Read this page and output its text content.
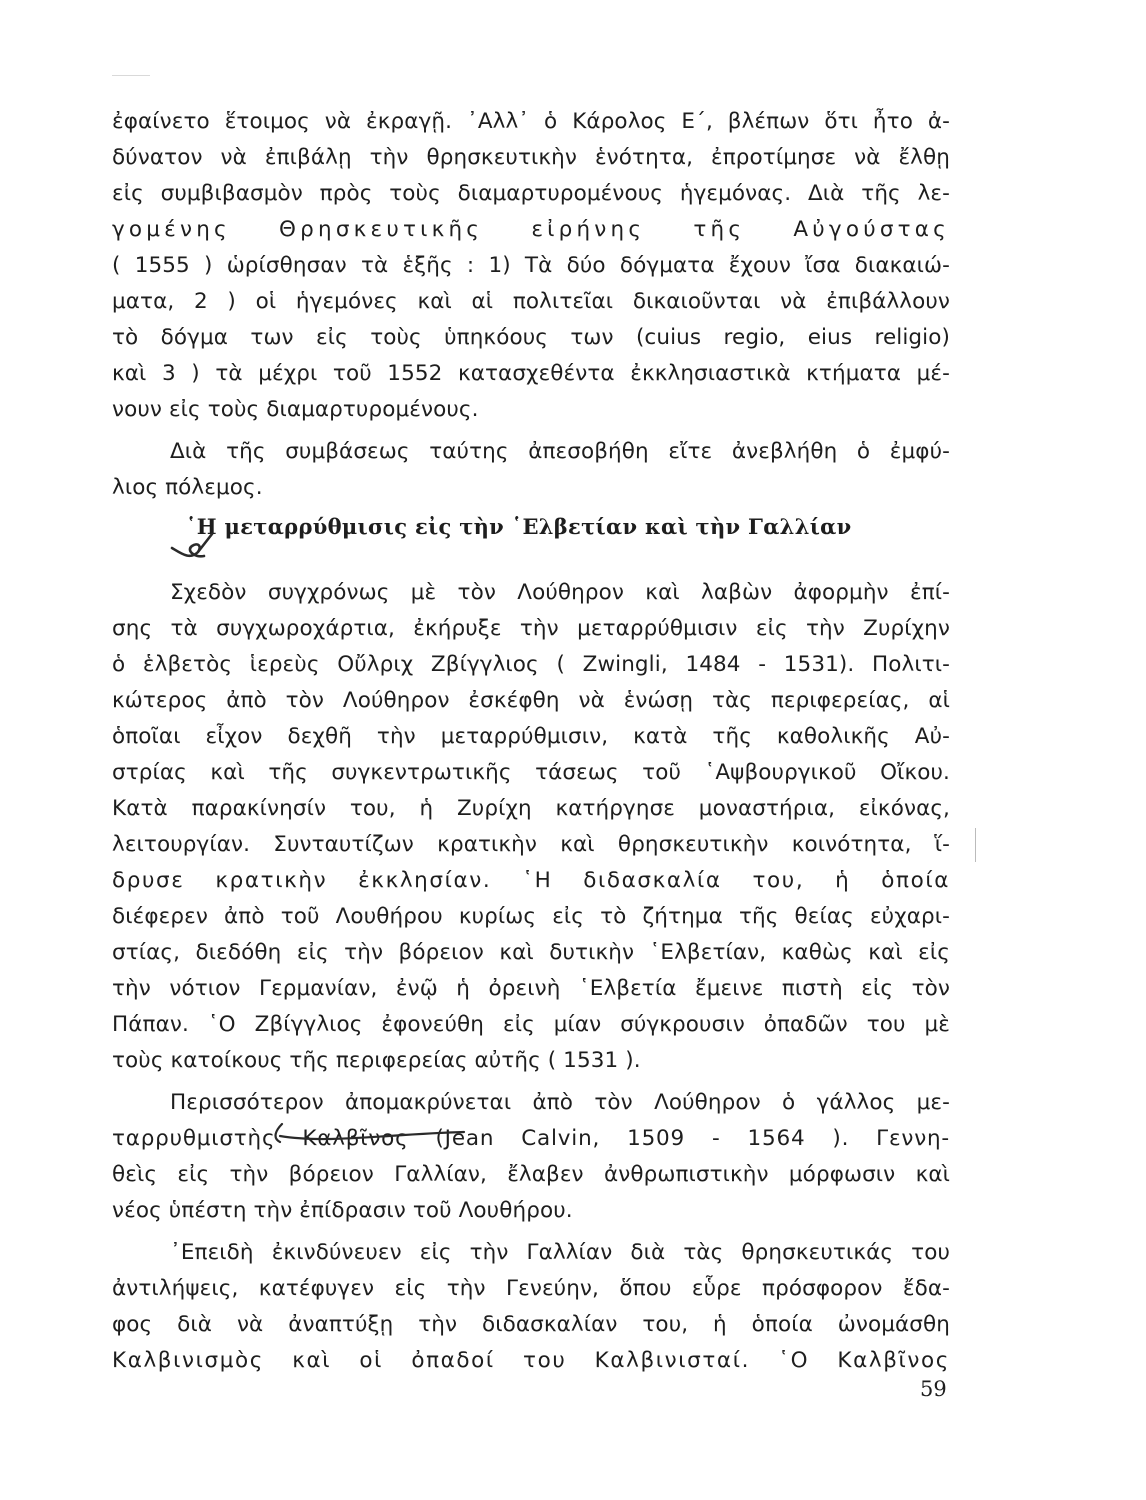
ἐφαίνετο ἕτοιμος νὰ ἐκραγῇ. ᾿Αλλ᾿ ὁ Κάρολος Ε΄, βλέπων ὅτι ἦτο ἀ-
δύνατον νὰ ἐπιβάλῃ τὴν θρησκευτικὴν ἑνότητα, ἐπροτίμησε νὰ ἔλθῃ
εἰς συμβιβασμὸν πρὸς τοὺς διαμαρτυρομένους ἡγεμόνας. Διὰ τῆς λε-
γομένης Θρησκευτικῆς εἰρήνης τῆς Αὐγούστας
( 1555 ) ὡρίσθησαν τὰ ἑξῆς : 1) Τὰ δύο δόγματα ἔχουν ἴσα διακαιώ-
ματα, 2 ) οἱ ἡγεμόνες καὶ αἱ πολιτεῖαι δικαιοῦνται νὰ ἐπιβάλλουν
τὸ δόγμα των εἰς τοὺς ὑπηκόους των (cuius regio, eius religio)
καὶ 3 ) τὰ μέχρι τοῦ 1552 κατασχεθέντα ἐκκλησιαστικὰ κτήματα μέ-
νουν εἰς τοὺς διαμαρτυρομένους.
Διὰ τῆς συμβάσεως ταύτης ἀπεσοβήθη εἴτε ἀνεβλήθη ὁ ἐμφύ-
λιος πόλεμος.
῾Η μεταρρύθμισις εἰς τὴν ῾Ελβετίαν καὶ τὴν Γαλλίαν
Σχεδὸν συγχρόνως μὲ τὸν Λούθηρον καὶ λαβὼν ἀφορμὴν ἐπί-
σης τὰ συγχωροχάρτια, ἐκήρυξε τὴν μεταρρύθμισιν εἰς τὴν Ζυρίχην
ὁ ἑλβετὸς ἱερεὺς Οὔλριχ Ζβίγγλιος ( Zwingli, 1484 - 1531). Πολιτι-
κώτερος ἀπὸ τὸν Λούθηρον ἐσκέφθη νὰ ἑνώσῃ τὰς περιφερείας, αἱ
ὁποῖαι εἶχον δεχθῆ τὴν μεταρρύθμισιν, κατὰ τῆς καθολικῆς Αὐ-
στρίας καὶ τῆς συγκεντρωτικῆς τάσεως τοῦ ῾Αψβουργικοῦ Οἴκου.
Κατὰ παρακίνησίν του, ἡ Ζυρίχη κατήργησε μοναστήρια, εἰκόνας,
λειτουργίαν. Συνταυτίζων κρατικὴν καὶ θρησκευτικὴν κοινότητα, ἵ-
δρυσε κρατικὴν ἐκκλησίαν. ῾Η διδασκαλία του, ἡ ὁποία
διέφερεν ἀπὸ τοῦ Λουθήρου κυρίως εἰς τὸ ζήτημα τῆς θείας εὐχαρι-
στίας, διεδόθη εἰς τὴν βόρειον καὶ δυτικὴν ῾Ελβετίαν, καθὼς καὶ εἰς
τὴν νότιον Γερμανίαν, ἐνῷ ἡ ὀρεινὴ ῾Ελβετία ἔμεινε πιστὴ εἰς τὸν
Πάπαν. ῾Ο Ζβίγγλιος ἐφονεύθη εἰς μίαν σύγκρουσιν ὀπαδῶν του μὲ
τοὺς κατοίκους τῆς περιφερείας αὐτῆς ( 1531 ).
Περισσότερον ἀπομακρύνεται ἀπὸ τὸν Λούθηρον ὁ γάλλος με-
ταρρυθμιστὴς Καλβῖνος (Jean Calvin, 1509 - 1564 ). Γεννη-
θεὶς εἰς τὴν βόρειον Γαλλίαν, ἔλαβεν ἀνθρωπιστικὴν μόρφωσιν καὶ
νέος ὑπέστη τὴν ἐπίδρασιν τοῦ Λουθήρου.
᾿Επειδὴ ἐκινδύνευεν εἰς τὴν Γαλλίαν διὰ τὰς θρησκευτικάς του
ἀντιλήψεις, κατέφυγεν εἰς τὴν Γενεύην, ὅπου εὗρε πρόσφορον ἔδα-
φος διὰ νὰ ἀναπτύξῃ τὴν διδασκαλίαν του, ἡ ὁποία ὠνομάσθη
Καλβινισμὸς καὶ οἱ ὀπαδοί του Καλβινισταί. ῾Ο Καλβῖνος
59
